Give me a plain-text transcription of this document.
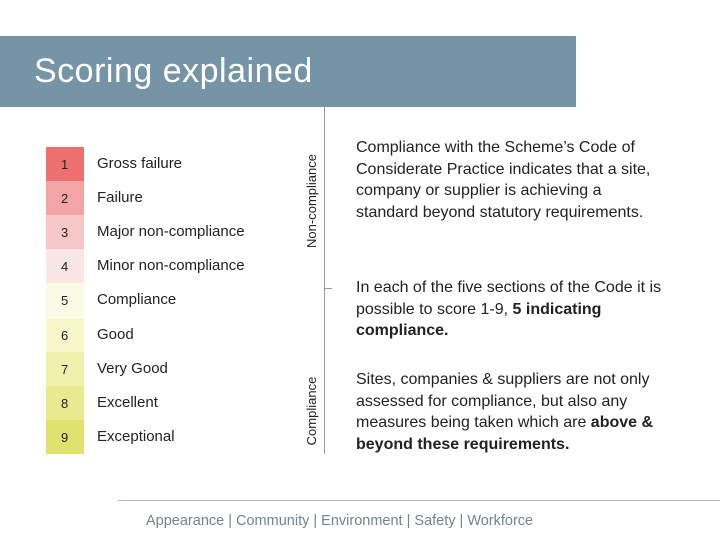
Scoring explained
1	Gross failure
2	Failure
3	Major non-compliance
4	Minor non-compliance
5	Compliance
6	Good
7	Very Good
8	Excellent
9	Exceptional
Non-compliance
Compliance
Compliance with the Scheme’s Code of Considerate Practice indicates that a site, company or supplier is achieving a standard beyond statutory requirements.
In each of the five sections of the Code it is possible to score 1-9, 5 indicating compliance.
Sites, companies & suppliers are not only assessed for compliance, but also any measures being taken which are above & beyond these requirements.
Appearance | Community | Environment | Safety | Workforce
